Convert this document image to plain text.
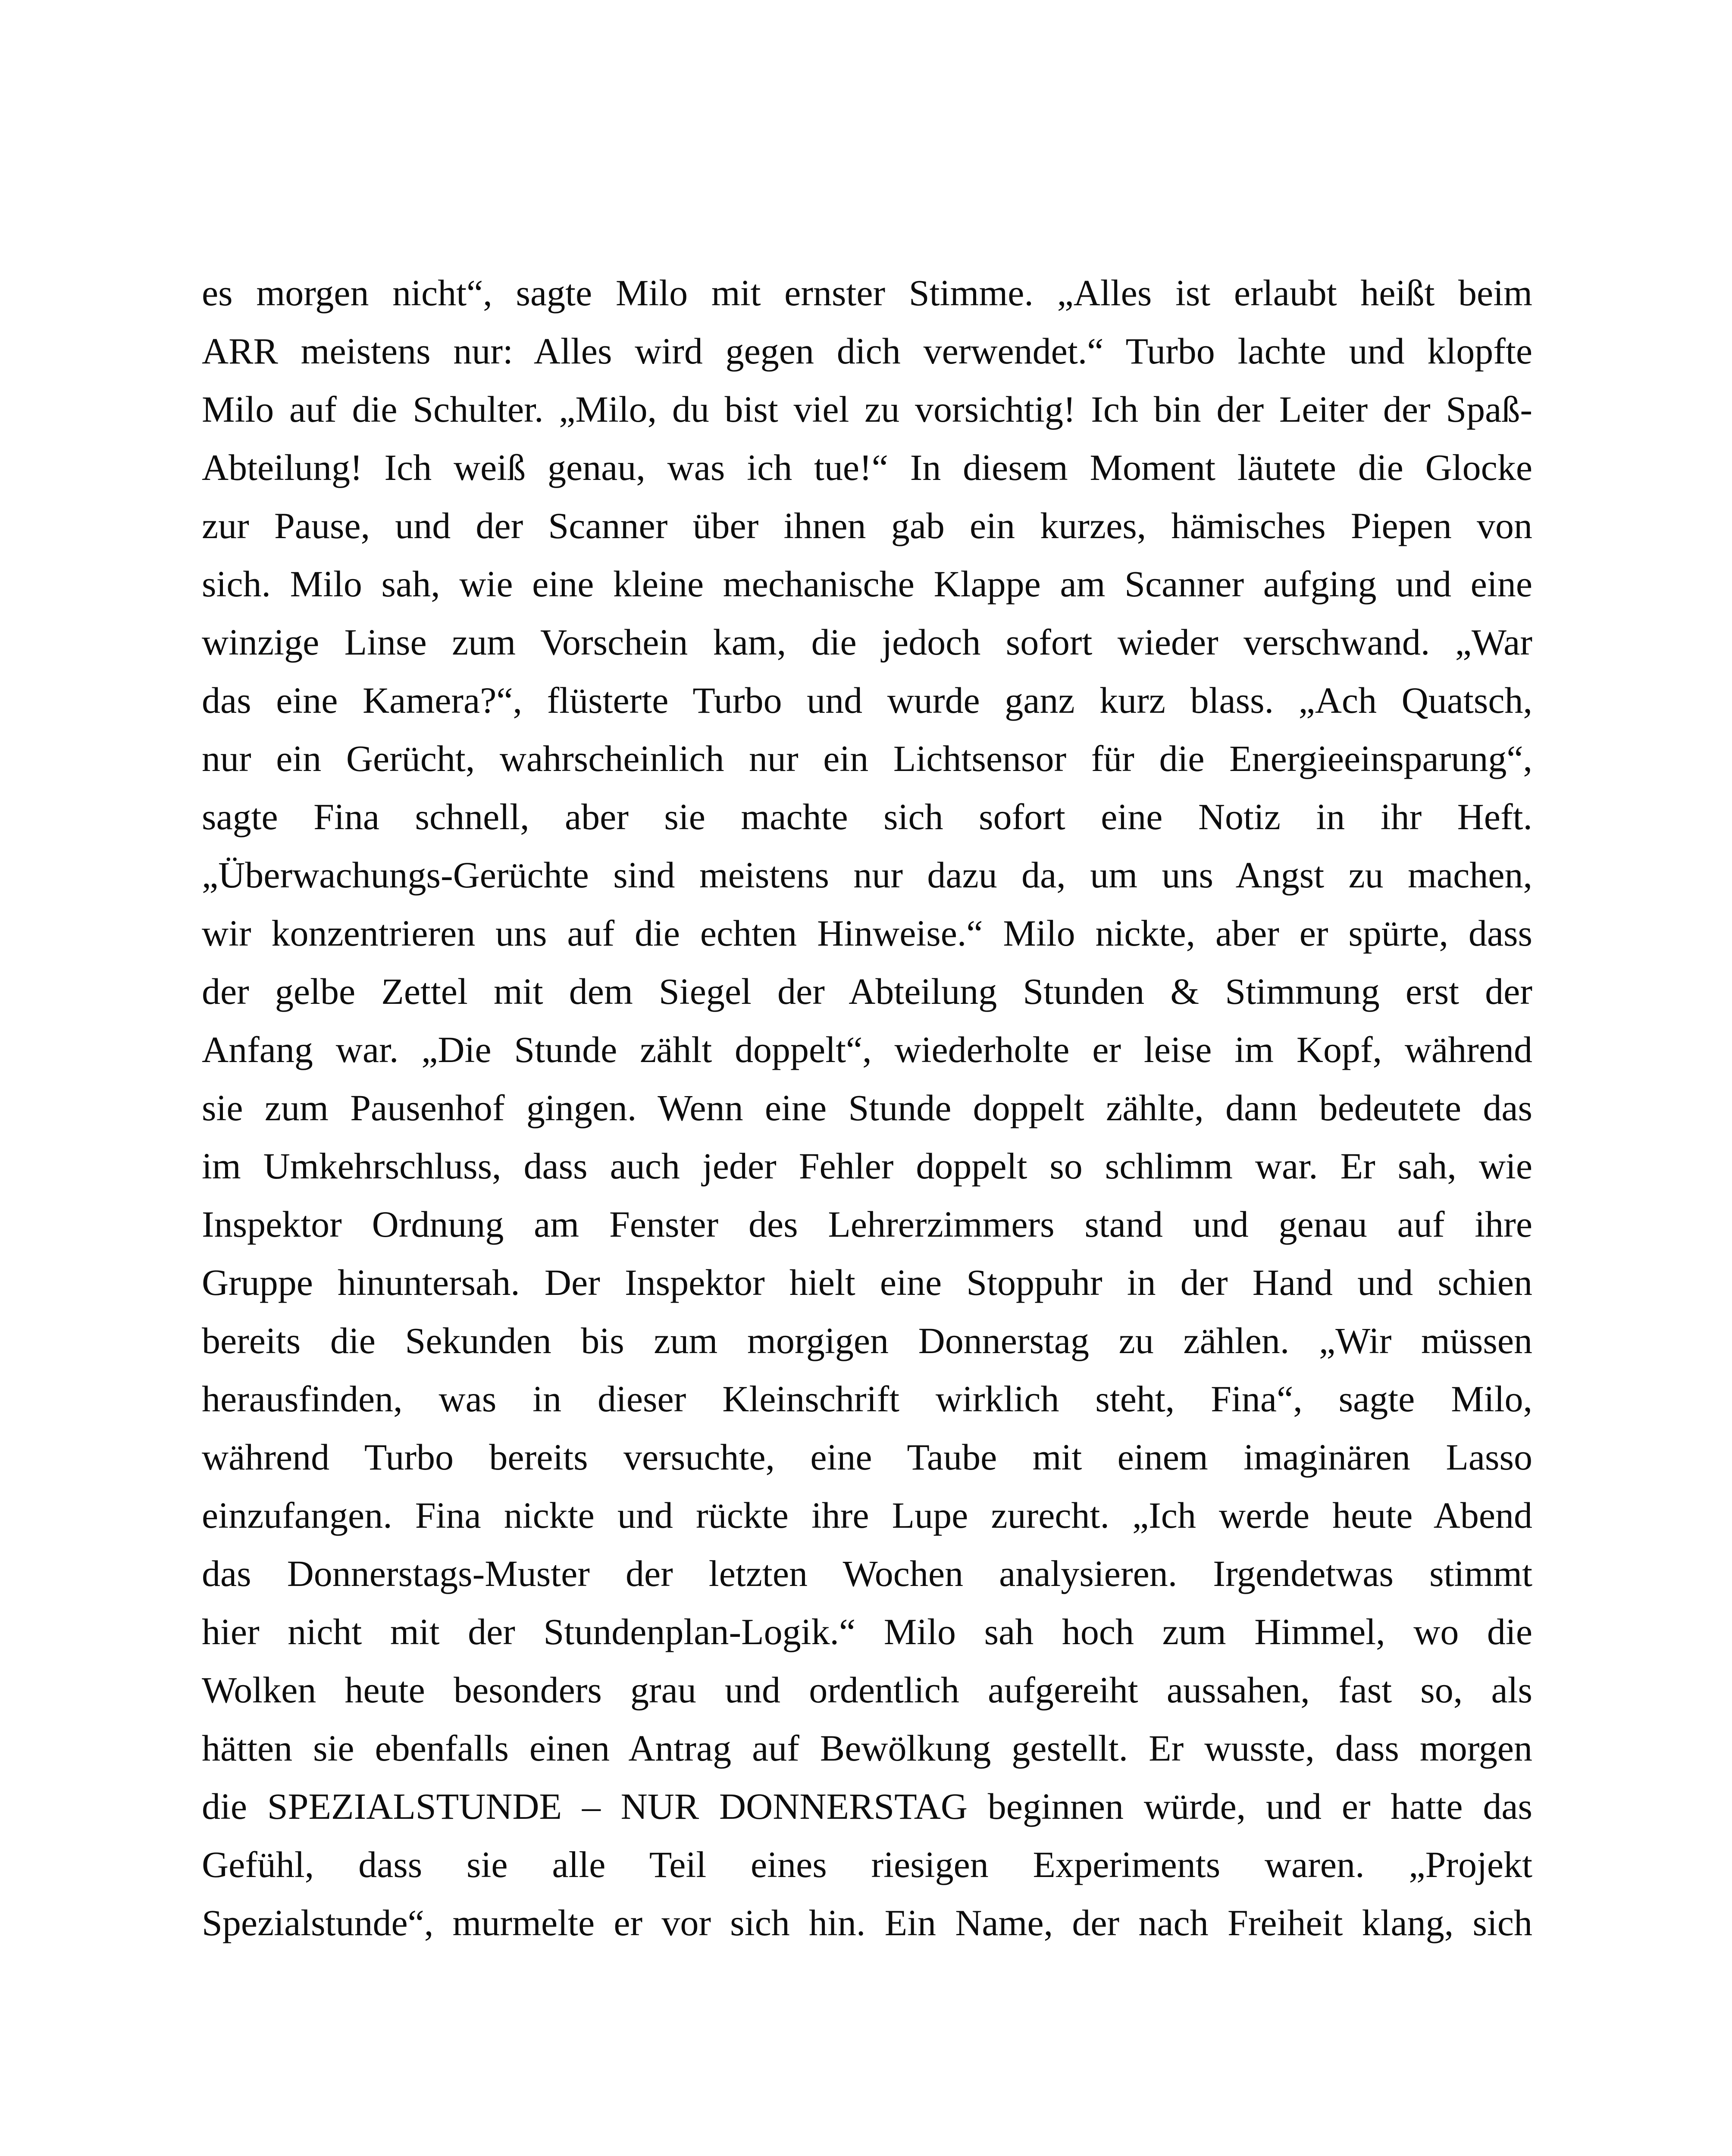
es morgen nicht“, sagte Milo mit ernster Stimme. „Alles ist erlaubt heißt beim
ARR meistens nur: Alles wird gegen dich verwendet.“ Turbo lachte und klopfte
Milo auf die Schulter. „Milo, du bist viel zu vorsichtig! Ich bin der Leiter der Spaß-
Abteilung! Ich weiß genau, was ich tue!“ In diesem Moment läutete die Glocke
zur Pause, und der Scanner über ihnen gab ein kurzes, hämisches Piepen von
sich. Milo sah, wie eine kleine mechanische Klappe am Scanner aufging und eine
winzige Linse zum Vorschein kam, die jedoch sofort wieder verschwand. „War
das eine Kamera?“, flüsterte Turbo und wurde ganz kurz blass. „Ach Quatsch,
nur ein Gerücht, wahrscheinlich nur ein Lichtsensor für die Energieeinsparung“,
sagte Fina schnell, aber sie machte sich sofort eine Notiz in ihr Heft.
„Überwachungs-Gerüchte sind meistens nur dazu da, um uns Angst zu machen,
wir konzentrieren uns auf die echten Hinweise.“ Milo nickte, aber er spürte, dass
der gelbe Zettel mit dem Siegel der Abteilung Stunden & Stimmung erst der
Anfang war. „Die Stunde zählt doppelt“, wiederholte er leise im Kopf, während
sie zum Pausenhof gingen. Wenn eine Stunde doppelt zählte, dann bedeutete das
im Umkehrschluss, dass auch jeder Fehler doppelt so schlimm war. Er sah, wie
Inspektor Ordnung am Fenster des Lehrerzimmers stand und genau auf ihre
Gruppe hinuntersah. Der Inspektor hielt eine Stoppuhr in der Hand und schien
bereits die Sekunden bis zum morgigen Donnerstag zu zählen. „Wir müssen
herausfinden, was in dieser Kleinschrift wirklich steht, Fina“, sagte Milo,
während Turbo bereits versuchte, eine Taube mit einem imaginären Lasso
einzufangen. Fina nickte und rückte ihre Lupe zurecht. „Ich werde heute Abend
das Donnerstags-Muster der letzten Wochen analysieren. Irgendetwas stimmt
hier nicht mit der Stundenplan-Logik.“ Milo sah hoch zum Himmel, wo die
Wolken heute besonders grau und ordentlich aufgereiht aussahen, fast so, als
hätten sie ebenfalls einen Antrag auf Bewölkung gestellt. Er wusste, dass morgen
die SPEZIALSTUNDE – NUR DONNERSTAG beginnen würde, und er hatte das
Gefühl, dass sie alle Teil eines riesigen Experiments waren. „Projekt
Spezialstunde“, murmelte er vor sich hin. Ein Name, der nach Freiheit klang, sich
